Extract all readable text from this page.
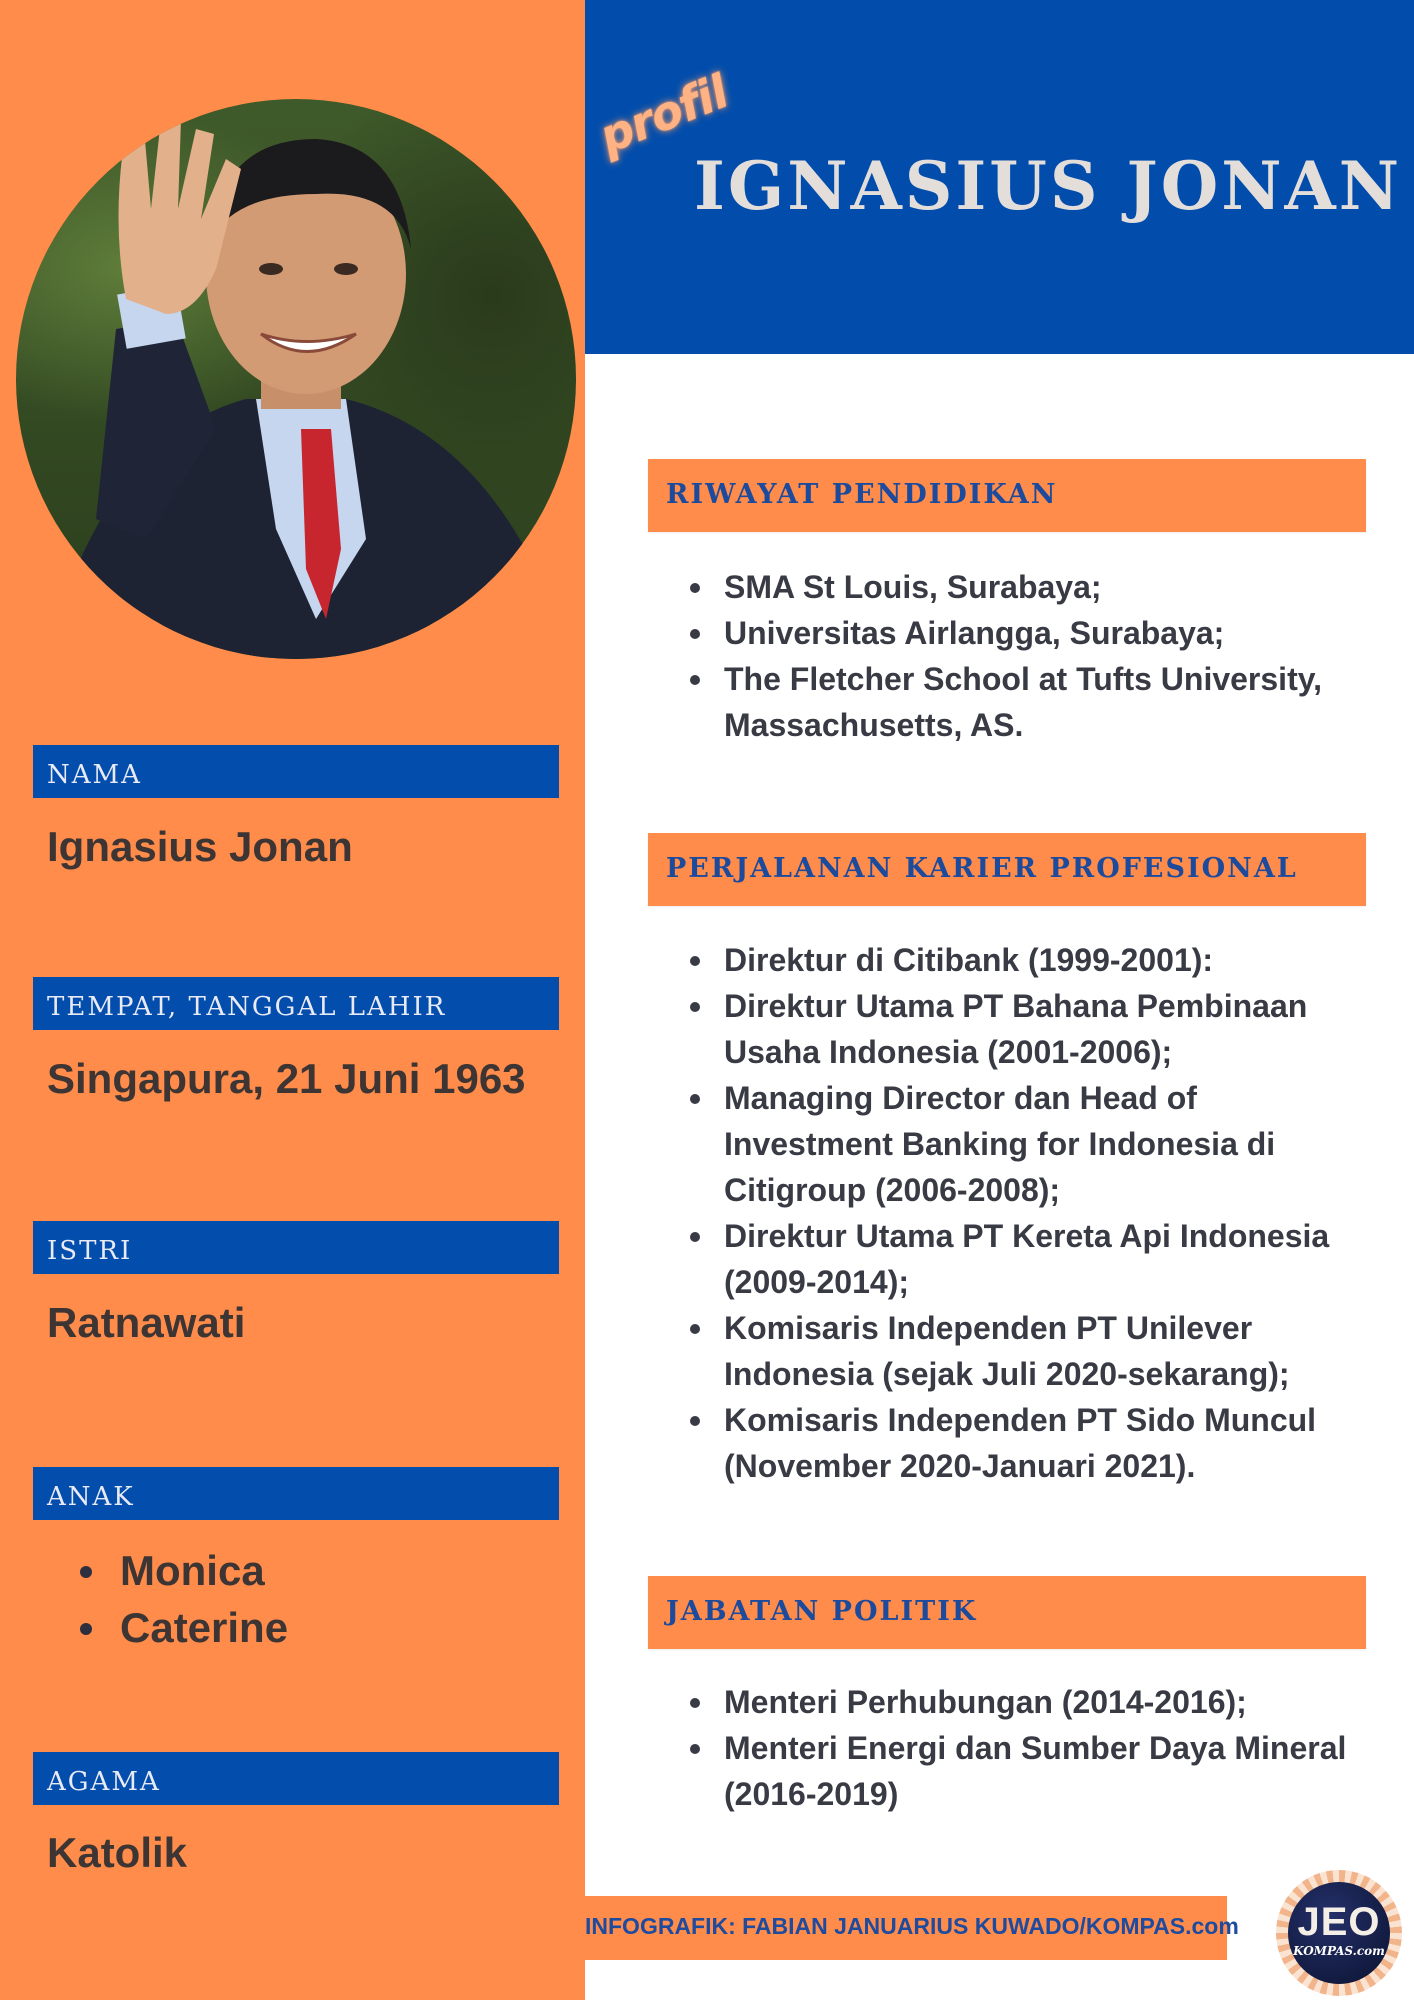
profil
IGNASIUS JONAN
NAMA
Ignasius Jonan
TEMPAT, TANGGAL LAHIR
Singapura, 21 Juni 1963
ISTRI
Ratnawati
ANAK
Monica
Caterine
AGAMA
Katolik
RIWAYAT PENDIDIKAN
SMA St Louis, Surabaya;
Universitas Airlangga, Surabaya;
The Fletcher School at Tufts University, Massachusetts, AS.
PERJALANAN KARIER PROFESIONAL
Direktur di Citibank (1999-2001):
Direktur Utama PT Bahana Pembinaan Usaha Indonesia (2001-2006);
Managing Director dan Head of Investment Banking for Indonesia di Citigroup (2006-2008);
Direktur Utama PT Kereta Api Indonesia (2009-2014);
Komisaris Independen PT Unilever Indonesia (sejak Juli 2020-sekarang);
Komisaris Independen PT Sido Muncul (November 2020-Januari 2021).
JABATAN POLITIK
Menteri Perhubungan (2014-2016);
Menteri Energi dan Sumber Daya Mineral (2016-2019)
INFOGRAFIK: FABIAN JANUARIUS KUWADO/KOMPAS.com JEO
KOMPAS.com
